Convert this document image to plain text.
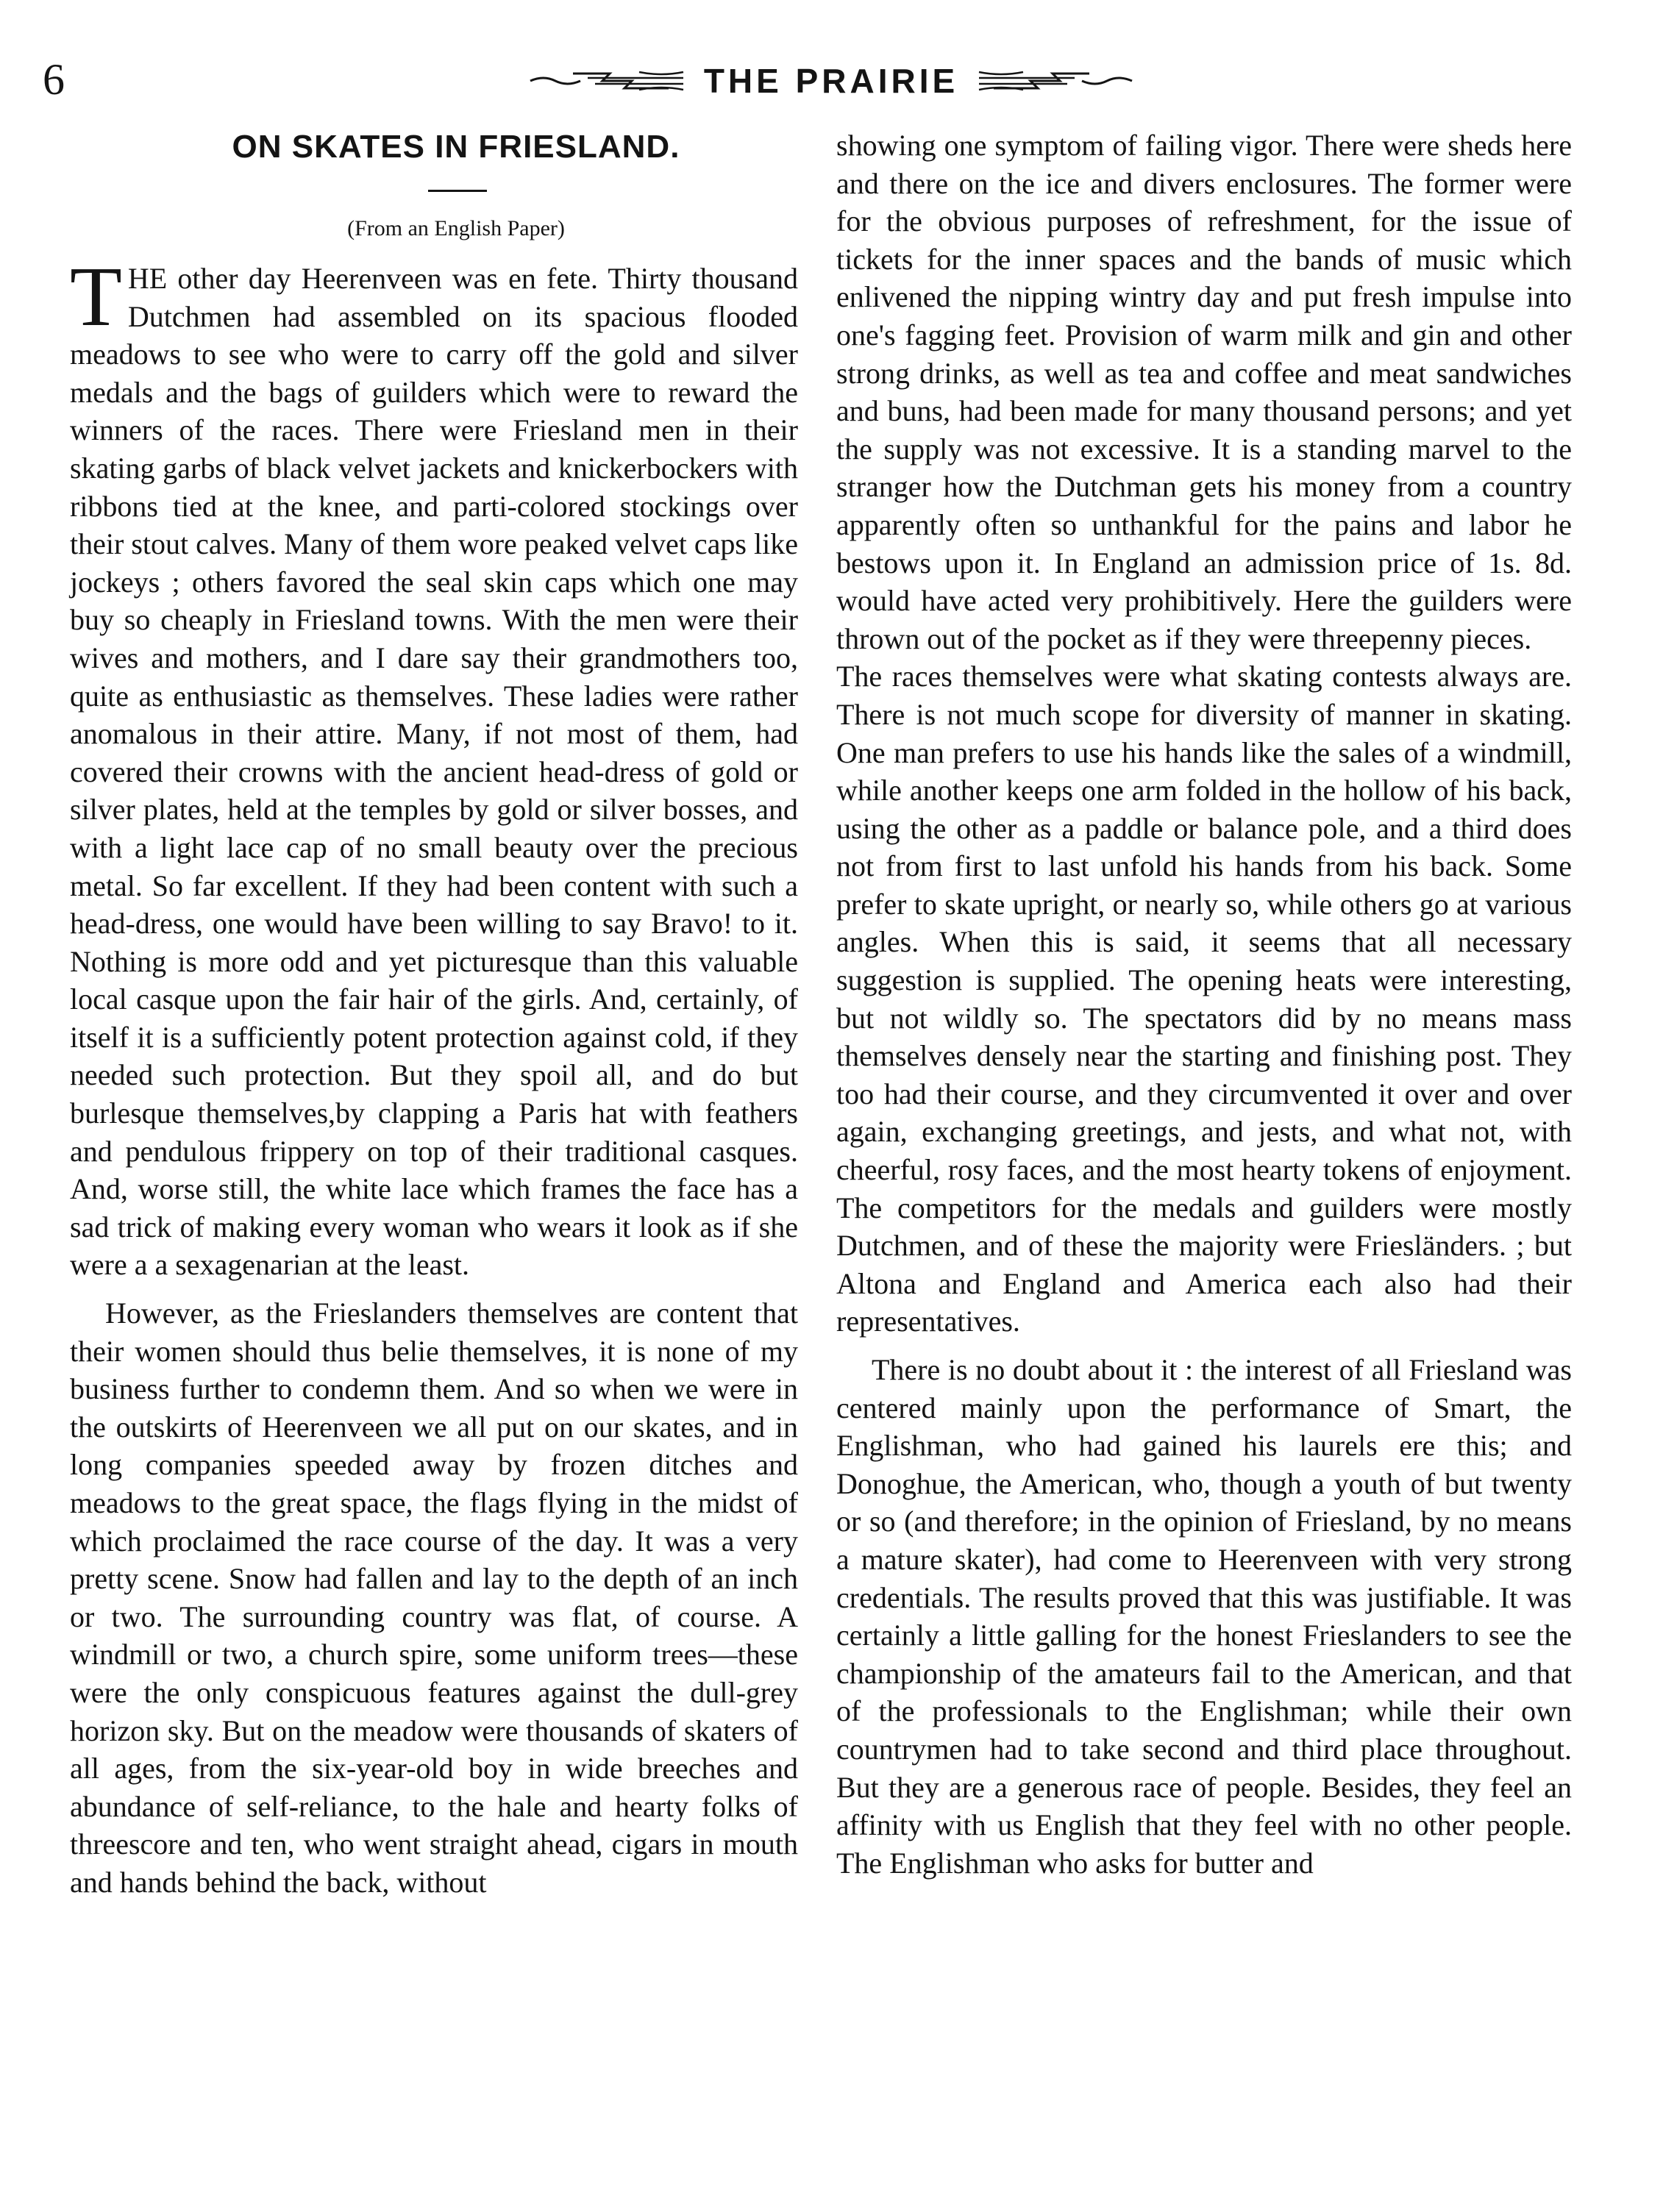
6	THE PRAIRIE
ON SKATES IN FRIESLAND.
(From an English Paper)

THE other day Heerenveen was en fete. Thirty thousand Dutchmen had assembled on its spacious flooded meadows to see who were to carry off the gold and silver medals and the bags of guilders which were to reward the winners of the races. There were Friesland men in their skating garbs of black velvet jackets and knickerbockers with ribbons tied at the knee, and parti-colored stockings over their stout calves. Many of them wore peaked velvet caps like jockeys ; others favored the seal skin caps which one may buy so cheaply in Friesland towns. With the men were their wives and mothers, and I dare say their grandmothers too, quite as enthusiastic as themselves. These ladies were rather anomalous in their attire. Many, if not most of them, had covered their crowns with the ancient head-dress of gold or silver plates, held at the temples by gold or silver bosses, and with a light lace cap of no small beauty over the precious metal. So far excellent. If they had been content with such a head-dress, one would have been willing to say Bravo! to it. Nothing is more odd and yet picturesque than this valuable local casque upon the fair hair of the girls. And, certainly, of itself it is a sufficiently potent protection against cold, if they needed such protection. But they spoil all, and do but burlesque themselves,by clapping a Paris hat with feathers and pendulous frippery on top of their traditional casques. And, worse still, the white lace which frames the face has a sad trick of making every woman who wears it look as if she were a a sexagenarian at the least.

However, as the Frieslanders themselves are content that their women should thus belie themselves, it is none of my business further to condemn them. And so when we were in the outskirts of Heerenveen we all put on our skates, and in long companies speeded away by frozen ditches and meadows to the great space, the flags flying in the midst of which proclaimed the race course of the day. It was a very pretty scene. Snow had fallen and lay to the depth of an inch or two. The surrounding country was flat, of course. A windmill or two, a church spire, some uniform trees—these were the only conspicuous features against the dull-grey horizon sky. But on the meadow were thousands of skaters of all ages, from the six-year-old boy in wide breeches and abundance of self-reliance, to the hale and hearty folks of threescore and ten, who went straight ahead, cigars in mouth and hands behind the back, without

showing one symptom of failing vigor. There were sheds here and there on the ice and divers enclosures. The former were for the obvious purposes of refreshment, for the issue of tickets for the inner spaces and the bands of music which enlivened the nipping wintry day and put fresh impulse into one's fagging feet. Provision of warm milk and gin and other strong drinks, as well as tea and coffee and meat sandwiches and buns, had been made for many thousand persons; and yet the supply was not excessive. It is a standing marvel to the stranger how the Dutchman gets his money from a country apparently often so unthankful for the pains and labor he bestows upon it. In England an admission price of 1s. 8d. would have acted very prohibitively. Here the guilders were thrown out of the pocket as if they were threepenny pieces.

The races themselves were what skating contests always are. There is not much scope for diversity of manner in skating. One man prefers to use his hands like the sales of a windmill, while another keeps one arm folded in the hollow of his back, using the other as a paddle or balance pole, and a third does not from first to last unfold his hands from his back. Some prefer to skate upright, or nearly so, while others go at various angles. When this is said, it seems that all necessary suggestion is supplied. The opening heats were interesting, but not wildly so. The spectators did by no means mass themselves densely near the starting and finishing post. They too had their course, and they circumvented it over and over again, exchanging greetings, and jests, and what not, with cheerful, rosy faces, and the most hearty tokens of enjoyment. The competitors for the medals and guilders were mostly Dutchmen, and of these the majority were Friesländers. ; but Altona and England and America each also had their representatives.

There is no doubt about it : the interest of all Friesland was centered mainly upon the performance of Smart, the Englishman, who had gained his laurels ere this; and Donoghue, the American, who, though a youth of but twenty or so (and therefore; in the opinion of Friesland, by no means a mature skater), had come to Heerenveen with very strong credentials. The results proved that this was justifiable. It was certainly a little galling for the honest Frieslanders to see the championship of the amateurs fail to the American, and that of the professionals to the Englishman; while their own countrymen had to take second and third place throughout. But they are a generous race of people. Besides, they feel an affinity with us English that they feel with no other people. The Englishman who asks for butter and
